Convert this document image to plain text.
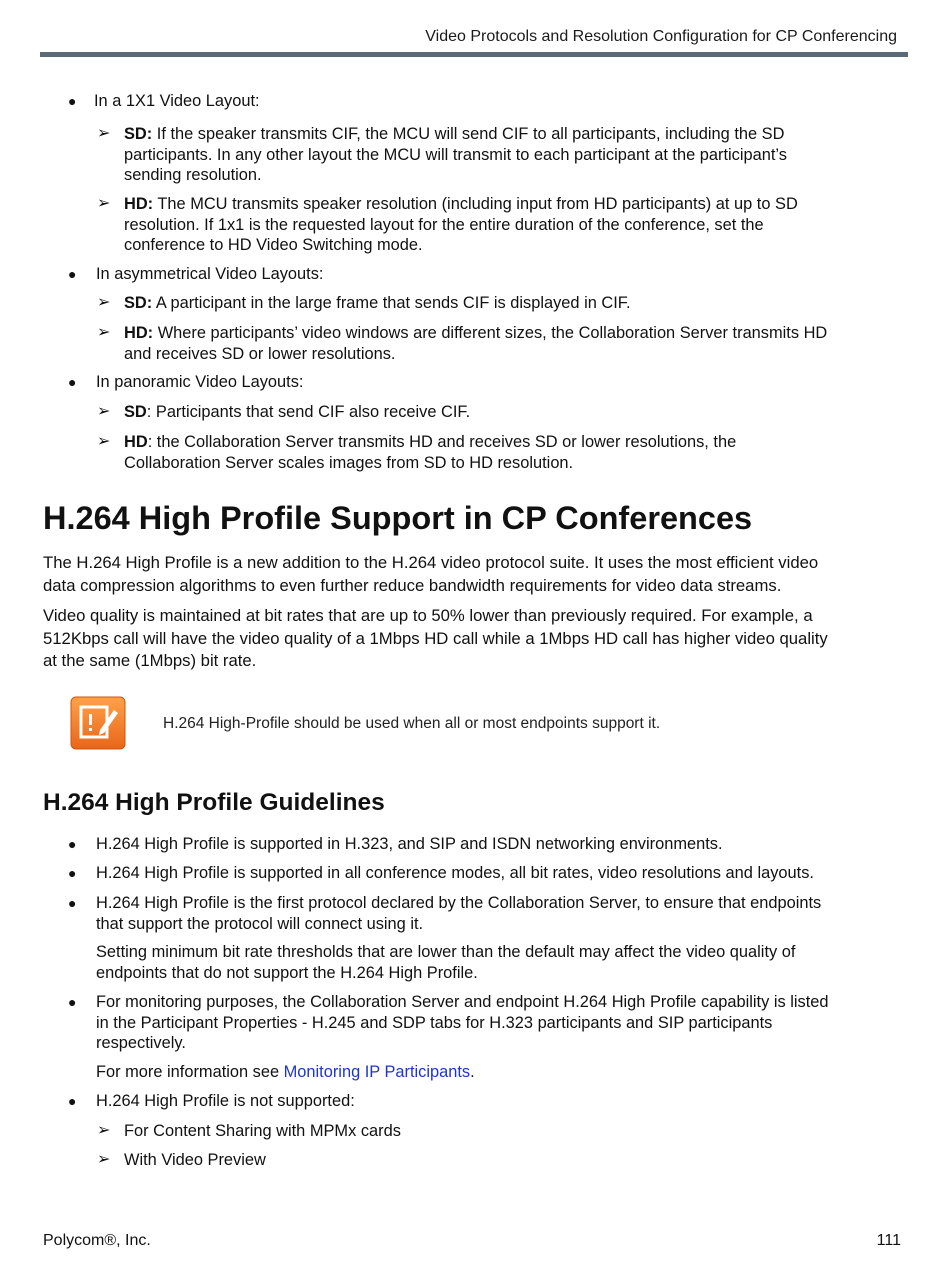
Video Protocols and Resolution Configuration for CP Conferencing
● In a 1X1 Video Layout:
➢ SD: If the speaker transmits CIF, the MCU will send CIF to all participants, including the SD
participants. In any other layout the MCU will transmit to each participant at the participant’s
sending resolution.
➢ HD: The MCU transmits speaker resolution (including input from HD participants) at up to SD
resolution. If 1x1 is the requested layout for the entire duration of the conference, set the
conference to HD Video Switching mode.
● In asymmetrical Video Layouts:
➢ SD: A participant in the large frame that sends CIF is displayed in CIF.
➢ HD: Where participants’ video windows are different sizes, the Collaboration Server transmits HD
and receives SD or lower resolutions.
● In panoramic Video Layouts:
➢ SD: Participants that send CIF also receive CIF.
➢ HD: the Collaboration Server transmits HD and receives SD or lower resolutions, the
Collaboration Server scales images from SD to HD resolution.
H.264 High Profile Support in CP Conferences
The H.264 High Profile is a new addition to the H.264 video protocol suite. It uses the most efficient video
data compression algorithms to even further reduce bandwidth requirements for video data streams.
Video quality is maintained at bit rates that are up to 50% lower than previously required. For example, a
512Kbps call will have the video quality of a 1Mbps HD call while a 1Mbps HD call has higher video quality
at the same (1Mbps) bit rate.
H.264 High-Profile should be used when all or most endpoints support it.
H.264 High Profile Guidelines
● H.264 High Profile is supported in H.323, and SIP and ISDN networking environments.
● H.264 High Profile is supported in all conference modes, all bit rates, video resolutions and layouts.
● H.264 High Profile is the first protocol declared by the Collaboration Server, to ensure that endpoints
that support the protocol will connect using it.
Setting minimum bit rate thresholds that are lower than the default may affect the video quality of
endpoints that do not support the H.264 High Profile.
● For monitoring purposes, the Collaboration Server and endpoint H.264 High Profile capability is listed
in the Participant Properties - H.245 and SDP tabs for H.323 participants and SIP participants
respectively.
For more information see Monitoring IP Participants.
● H.264 High Profile is not supported:
➢ For Content Sharing with MPMx cards
➢ With Video Preview
Polycom®, Inc.	111
